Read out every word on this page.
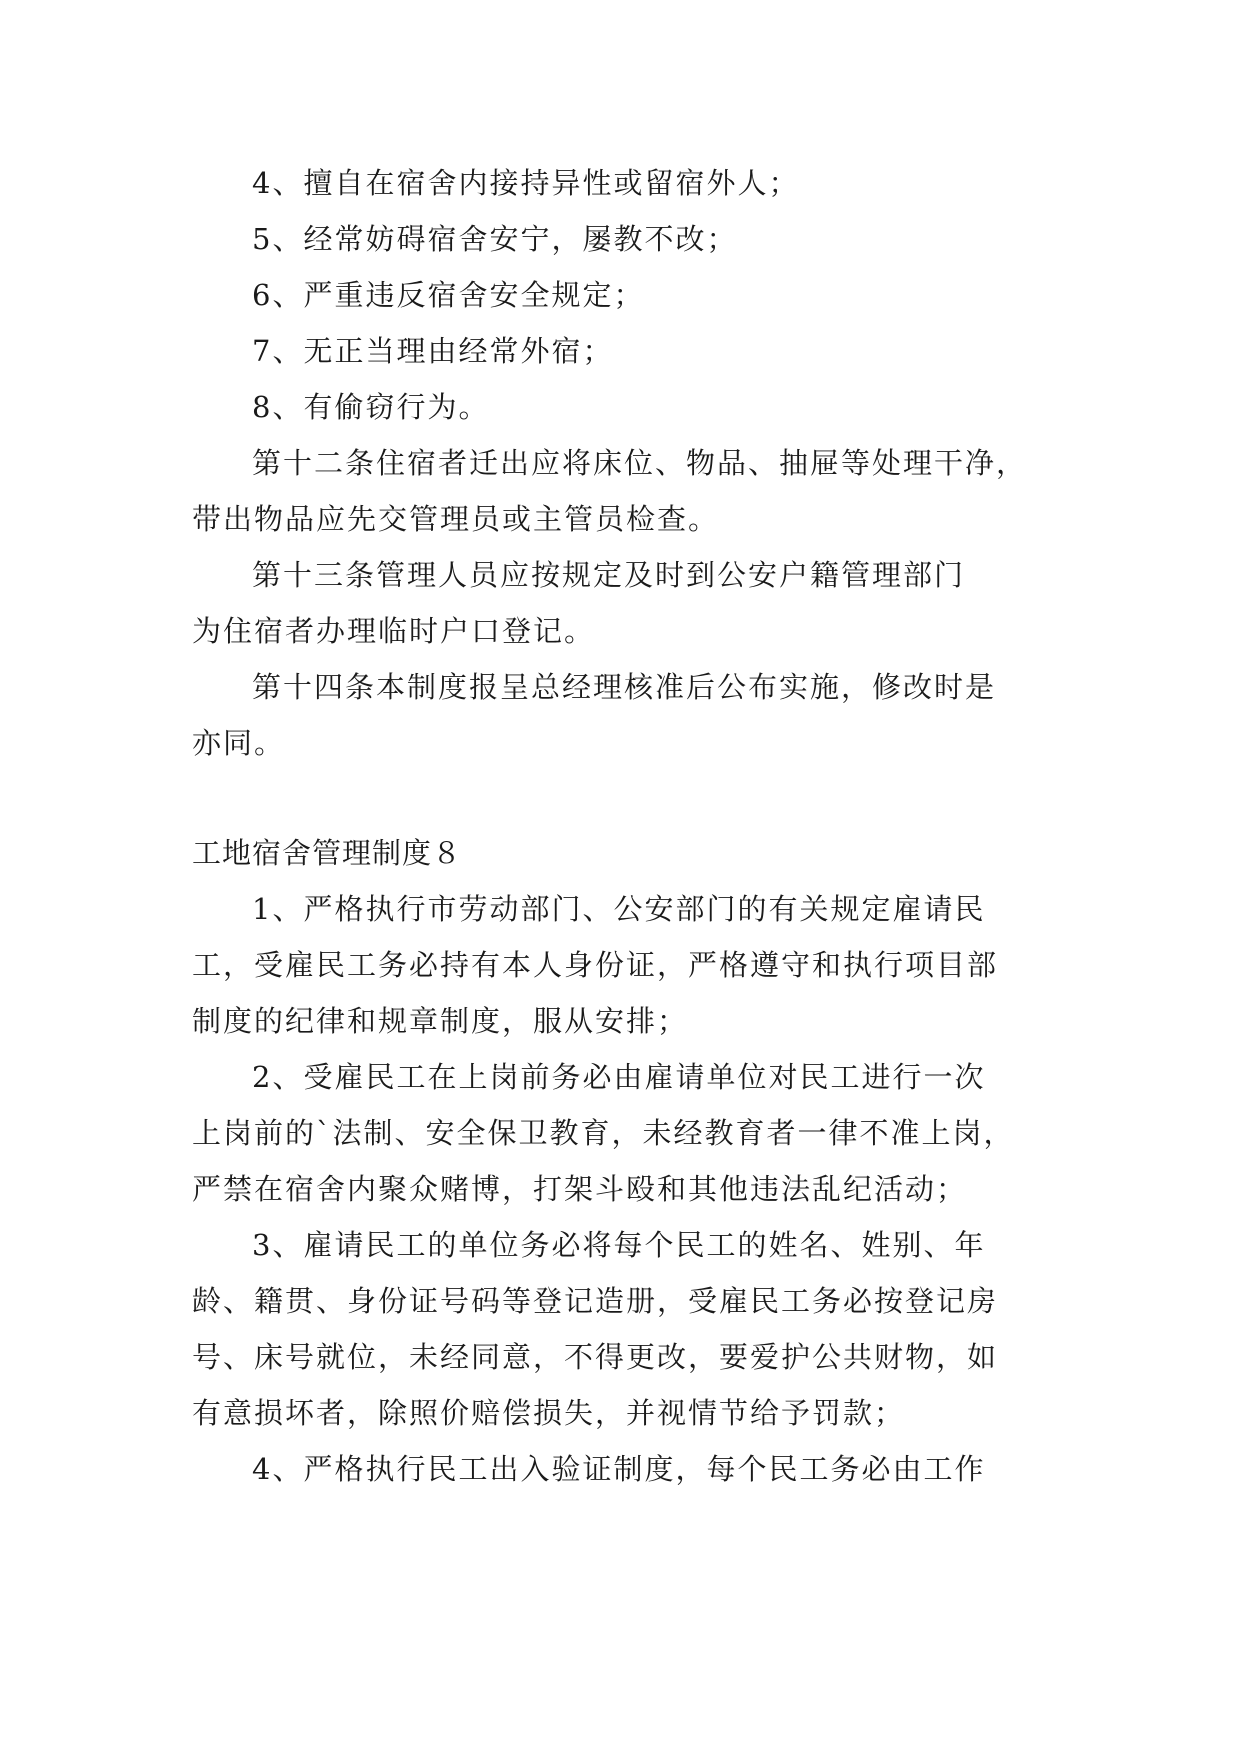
4、擅自在宿舍内接持异性或留宿外人；
5、经常妨碍宿舍安宁，屡教不改；
6、严重违反宿舍安全规定；
7、无正当理由经常外宿；
8、有偷窃行为。
第十二条住宿者迁出应将床位、物品、抽屉等处理干净，
带出物品应先交管理员或主管员检查。
第十三条管理人员应按规定及时到公安户籍管理部门
为住宿者办理临时户口登记。
第十四条本制度报呈总经理核准后公布实施，修改时是
亦同。
工地宿舍管理制度８
1、严格执行市劳动部门、公安部门的有关规定雇请民
工，受雇民工务必持有本人身份证，严格遵守和执行项目部
制度的纪律和规章制度，服从安排；
2、受雇民工在上岗前务必由雇请单位对民工进行一次
上岗前的`法制、安全保卫教育，未经教育者一律不准上岗，
严禁在宿舍内聚众赌博，打架斗殴和其他违法乱纪活动；
3、雇请民工的单位务必将每个民工的姓名、姓别、年
龄、籍贯、身份证号码等登记造册，受雇民工务必按登记房
号、床号就位，未经同意，不得更改，要爱护公共财物，如
有意损坏者，除照价赔偿损失，并视情节给予罚款；
4、严格执行民工出入验证制度，每个民工务必由工作
